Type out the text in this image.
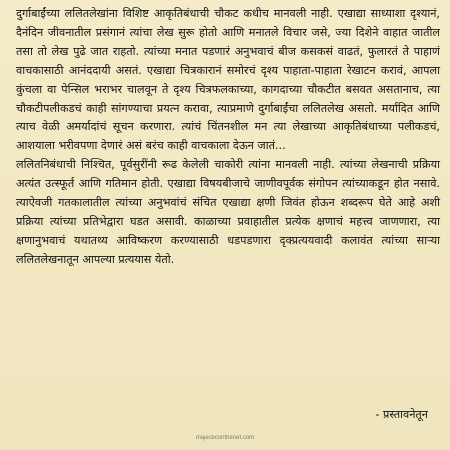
दुर्गाबाईंच्या ललितलेखांना विशिष्ट आकृतिबंधाची चौकट कधीच मानवली नाही. एखाद्या साध्याशा दृश्यानं, दैनंदिन जीवनातील प्रसंगानं त्यांचा लेख सुरू होतो आणि मनातले विचार जसे, ज्या दिशेने वाहात जातील तसा तो लेख पुढे जात राहतो. त्यांच्या मनात पडणारं अनुभवाचं बीज कसकसं वाढतं, फुलारतं ते पाहाणं वाचकासाठी आनंददायी असतं. एखाद्या चित्रकारानं समोरचं दृश्य पाहाता-पाहाता रेखाटन करावं, आपला कुंचला वा पेन्सिल भराभर चालवून ते दृश्य चित्रफलकाच्या, कागदाच्या चौकटीत बसवत असतानाच, त्या चौकटीपलीकडचं काही सांगण्याचा प्रयत्न करावा, त्याप्रमाणे दुर्गाबाईंचा ललितलेख असतो. मर्यादित आणि त्याच वेळी अमर्यादांचं सूचन करणारा. त्यांचं चिंतनशील मन त्या लेखाच्या आकृतिबंधाच्या पलीकडचं, आशयाला भरीवपणा देणारं असं बरंच काही वाचकाला देऊन जातं...

ललितनिबंधाची निश्चित, पूर्वसुरींनी रूढ केलेली चाकोरी त्यांना मानवली नाही. त्यांच्या लेखनाची प्रक्रिया अत्यंत उत्स्फूर्त आणि गतिमान होती. एखाद्या विषयबीजाचे जाणीवपूर्वक संगोपन त्यांच्याकडून होत नसावे. त्याऐवजी गतकालातील त्यांच्या अनुभवांचं संचित एखाद्या क्षणी जिवंत होऊन शब्दरूप घेते आहे अशी प्रक्रिया त्यांच्या प्रतिभेद्वारा घडत असावी. काळाच्या प्रवाहातील प्रत्येक क्षणाचं महत्त्व जाणणारा, त्या क्षणानुभवाचं यथातथ्य आविष्करण करण्यासाठी धडपडणारा दृक्प्रत्ययवादी कलावंत त्यांच्या साऱ्या ललितलेखनातून आपल्या प्रत्ययास येतो.

- प्रस्तावनेतून
majesticonthenet.com
